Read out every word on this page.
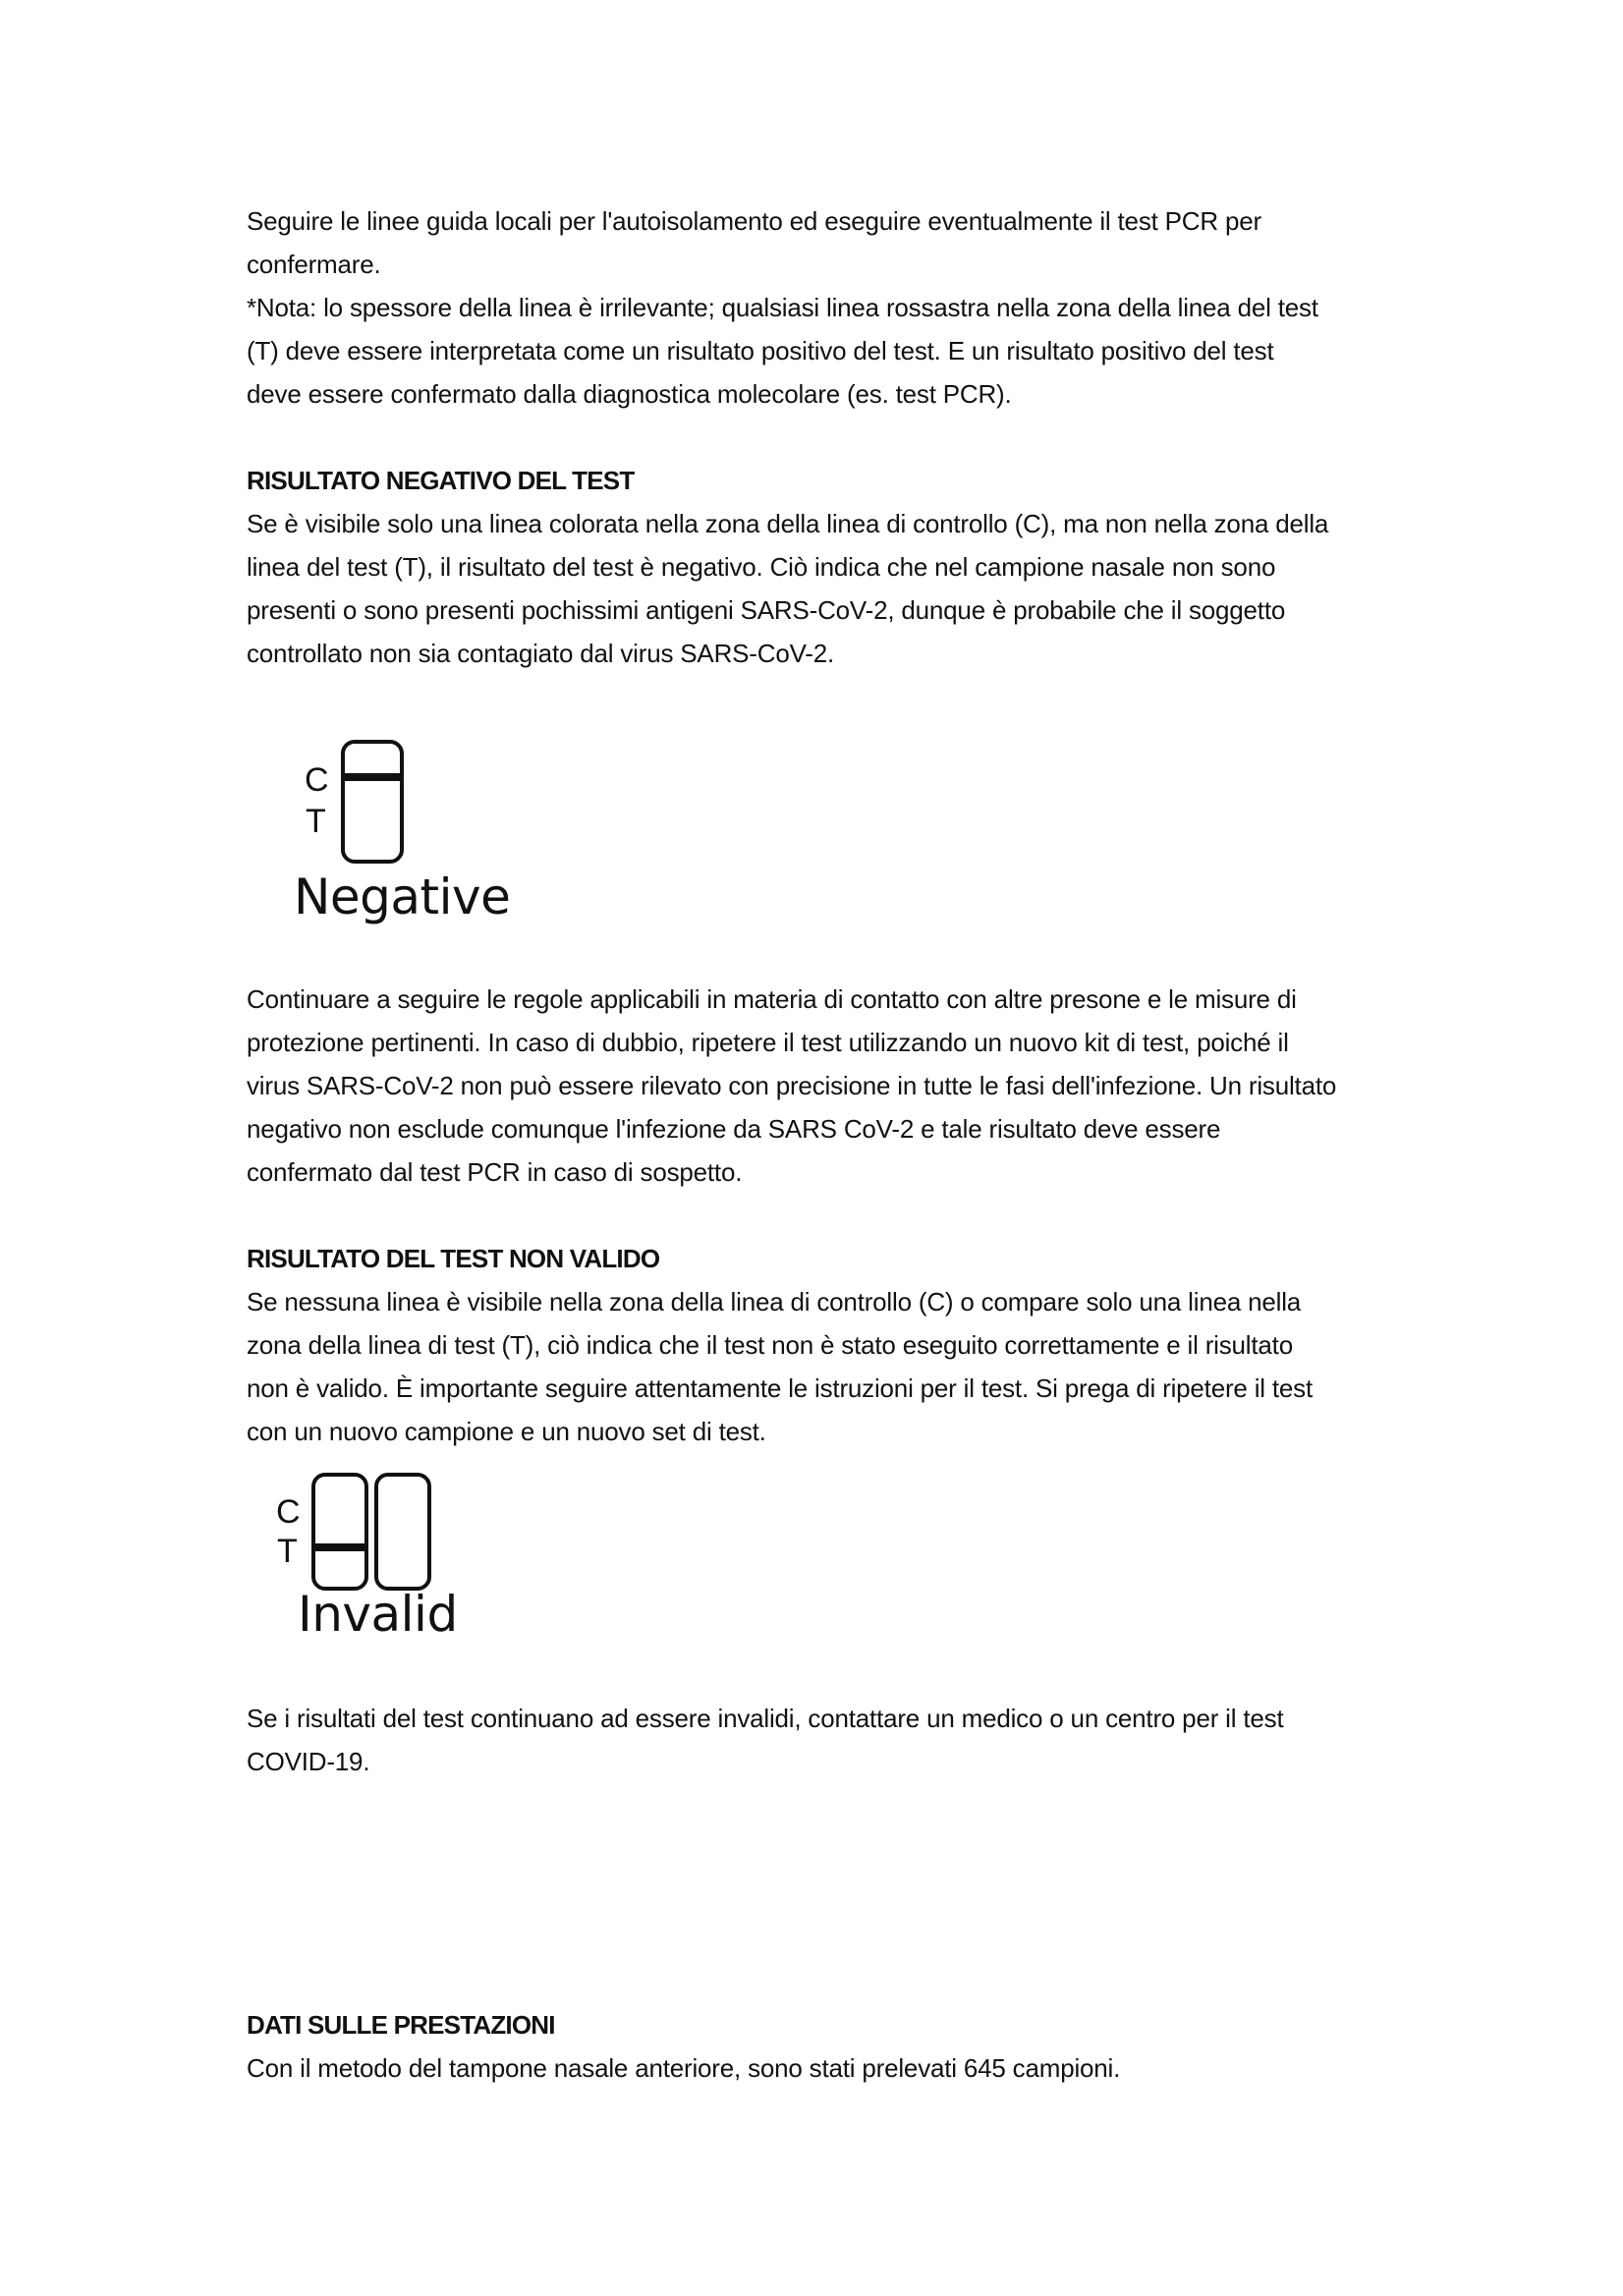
Seguire le linee guida locali per l'autoisolamento ed eseguire eventualmente il test PCR per
confermare.
*Nota: lo spessore della linea è irrilevante; qualsiasi linea rossastra nella zona della linea del test
(T) deve essere interpretata come un risultato positivo del test. E un risultato positivo del test
deve essere confermato dalla diagnostica molecolare (es. test PCR).

RISULTATO NEGATIVO DEL TEST

Se è visibile solo una linea colorata nella zona della linea di controllo (C), ma non nella zona della
linea del test (T), il risultato del test è negativo. Ciò indica che nel campione nasale non sono
presenti o sono presenti pochissimi antigeni SARS-CoV-2, dunque è probabile che il soggetto
controllato non sia contagiato dal virus SARS-CoV-2.

C
T
Negative

Continuare a seguire le regole applicabili in materia di contatto con altre presone e le misure di
protezione pertinenti. In caso di dubbio, ripetere il test utilizzando un nuovo kit di test, poiché il
virus SARS-CoV-2 non può essere rilevato con precisione in tutte le fasi dell'infezione. Un risultato
negativo non esclude comunque l'infezione da SARS CoV-2 e tale risultato deve essere
confermato dal test PCR in caso di sospetto.

RISULTATO DEL TEST NON VALIDO

Se nessuna linea è visibile nella zona della linea di controllo (C) o compare solo una linea nella
zona della linea di test (T), ciò indica che il test non è stato eseguito correttamente e il risultato
non è valido. È importante seguire attentamente le istruzioni per il test. Si prega di ripetere il test
con un nuovo campione e un nuovo set di test.

C
T
Invalid

Se i risultati del test continuano ad essere invalidi, contattare un medico o un centro per il test
COVID-19.

DATI SULLE PRESTAZIONI

Con il metodo del tampone nasale anteriore, sono stati prelevati 645 campioni.
